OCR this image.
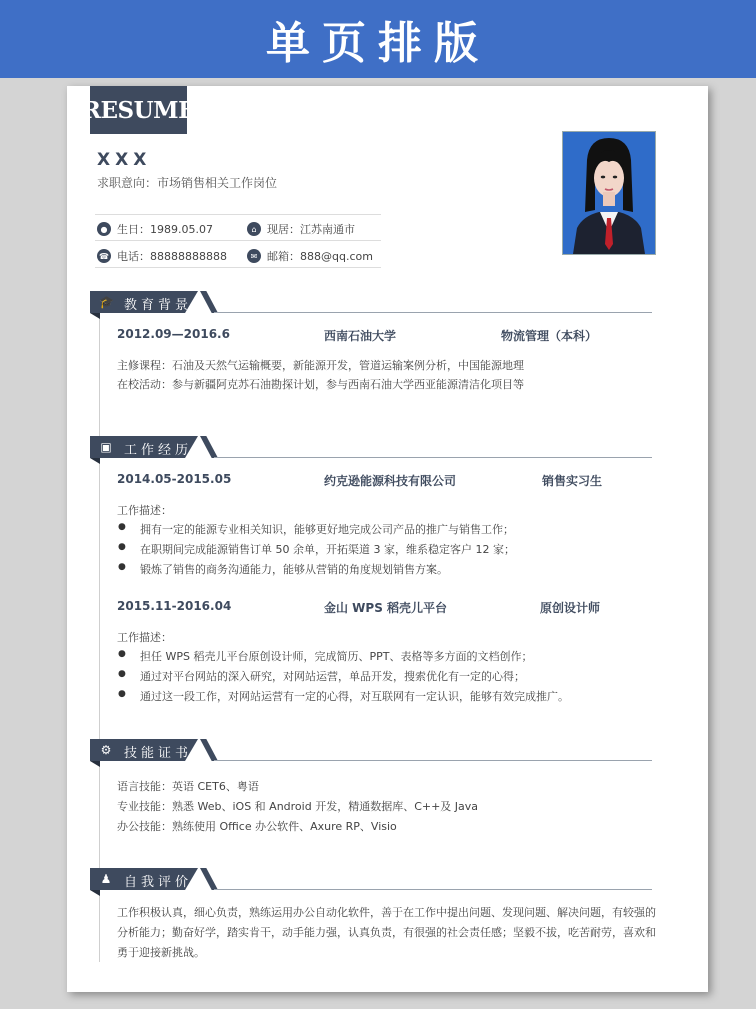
单页排版
RESUME
XXX
求职意向：市场销售相关工作岗位
● 生日：1989.05.07	⌂ 现居：江苏南通市
☎ 电话：88888888888	✉ 邮箱：888@qq.com
🎓 教育背景
2012.09—2016.6	西南石油大学	物流管理（本科）
主修课程：石油及天然气运输概要，新能源开发，管道运输案例分析，中国能源地理
在校活动：参与新疆阿克苏石油勘探计划，参与西南石油大学西亚能源清洁化项目等
▣ 工作经历
2014.05-2015.05	约克逊能源科技有限公司	销售实习生
工作描述：
● 拥有一定的能源专业相关知识，能够更好地完成公司产品的推广与销售工作；
● 在职期间完成能源销售订单 50 余单，开拓渠道 3 家，维系稳定客户 12 家；
● 锻炼了销售的商务沟通能力，能够从营销的角度规划销售方案。
2015.11-2016.04	金山 WPS 稻壳儿平台	原创设计师
工作描述：
● 担任 WPS 稻壳儿平台原创设计师，完成简历、PPT、表格等多方面的文档创作；
● 通过对平台网站的深入研究，对网站运营，单品开发，搜索优化有一定的心得；
● 通过这一段工作，对网站运营有一定的心得，对互联网有一定认识，能够有效完成推广。
⚙ 技能证书
语言技能：英语 CET6、粤语
专业技能：熟悉 Web、iOS 和 Android 开发，精通数据库、C++及 Java
办公技能：熟练使用 Office 办公软件、Axure RP、Visio
♟ 自我评价
工作积极认真，细心负责，熟练运用办公自动化软件，善于在工作中提出问题、发现问题、解决问题，有较强的分析能力；勤奋好学，踏实肯干，动手能力强，认真负责，有很强的社会责任感；坚毅不拔，吃苦耐劳，喜欢和勇于迎接新挑战。
